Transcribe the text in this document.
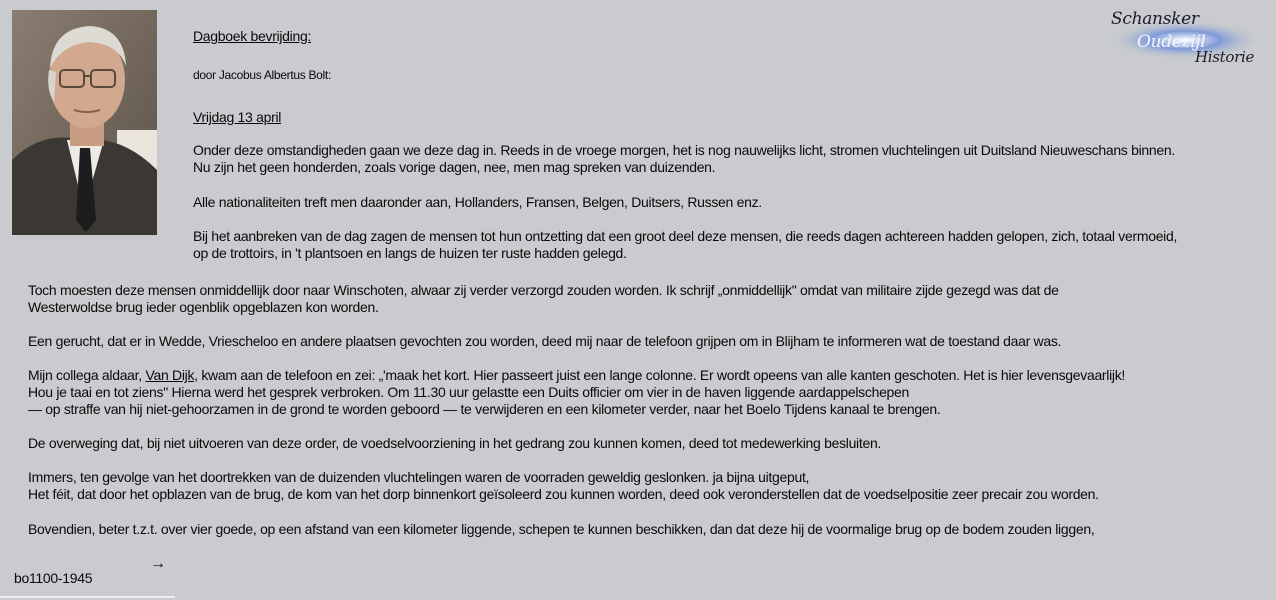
Schansker
Oudezijl
Historie
Dagboek bevrijding:
door Jacobus Albertus Bolt:
Vrijdag 13 april
Onder deze omstandigheden gaan we deze dag in. Reeds in de vroege morgen, het is nog nauwelijks licht, stromen vluchtelingen uit Duitsland Nieuweschans binnen.
Nu zijn het geen honderden, zoals vorige dagen, nee, men mag spreken van duizenden.
Alle nationaliteiten treft men daaronder aan, Hollanders, Fransen, Belgen, Duitsers, Russen enz.
Bij het aanbreken van de dag zagen de mensen tot hun ontzetting dat een groot deel deze mensen, die reeds dagen achtereen hadden gelopen, zich, totaal vermoeid,
op de trottoirs, in 't plantsoen en langs de huizen ter ruste hadden gelegd.
Toch moesten deze mensen onmiddellijk door naar Winschoten, alwaar zij verder verzorgd zouden worden. Ik schrijf „onmiddellijk" omdat van militaire zijde gezegd was dat de
Westerwoldse brug ieder ogenblik opgeblazen kon worden.
Een gerucht, dat er in Wedde, Vriescheloo en andere plaatsen gevochten zou worden, deed mij naar de telefoon grijpen om in Blijham te informeren wat de toestand daar was.
Mijn collega aldaar, Van Dijk, kwam aan de telefoon en zei: „'maak het kort. Hier passeert juist een lange colonne. Er wordt opeens van alle kanten geschoten. Het is hier levensgevaarlijk!
Hou je taai en tot ziens" Hierna werd het gesprek verbroken. Om 11.30 uur gelastte een Duits officier om vier in de haven liggende aardappelschepen
— op straffe van hij niet-gehoorzamen in de grond te worden geboord — te verwijderen en een kilometer verder, naar het Boelo Tijdens kanaal te brengen.
De overweging dat, bij niet uitvoeren van deze order, de voedselvoorziening in het gedrang zou kunnen komen, deed tot medewerking besluiten.
Immers, ten gevolge van het doortrekken van de duizenden vluchtelingen waren de voorraden geweldig geslonken. ja bijna uitgeput,
Het féit, dat door het opblazen van de brug, de kom van het dorp binnenkort geïsoleerd zou kunnen worden, deed ook veronderstellen dat de voedselpositie zeer precair zou worden.
Bovendien, beter t.z.t. over vier goede, op een afstand van een kilometer liggende, schepen te kunnen beschikken, dan dat deze hij de voormalige brug op de bodem zouden liggen,
→
bo1100-1945
